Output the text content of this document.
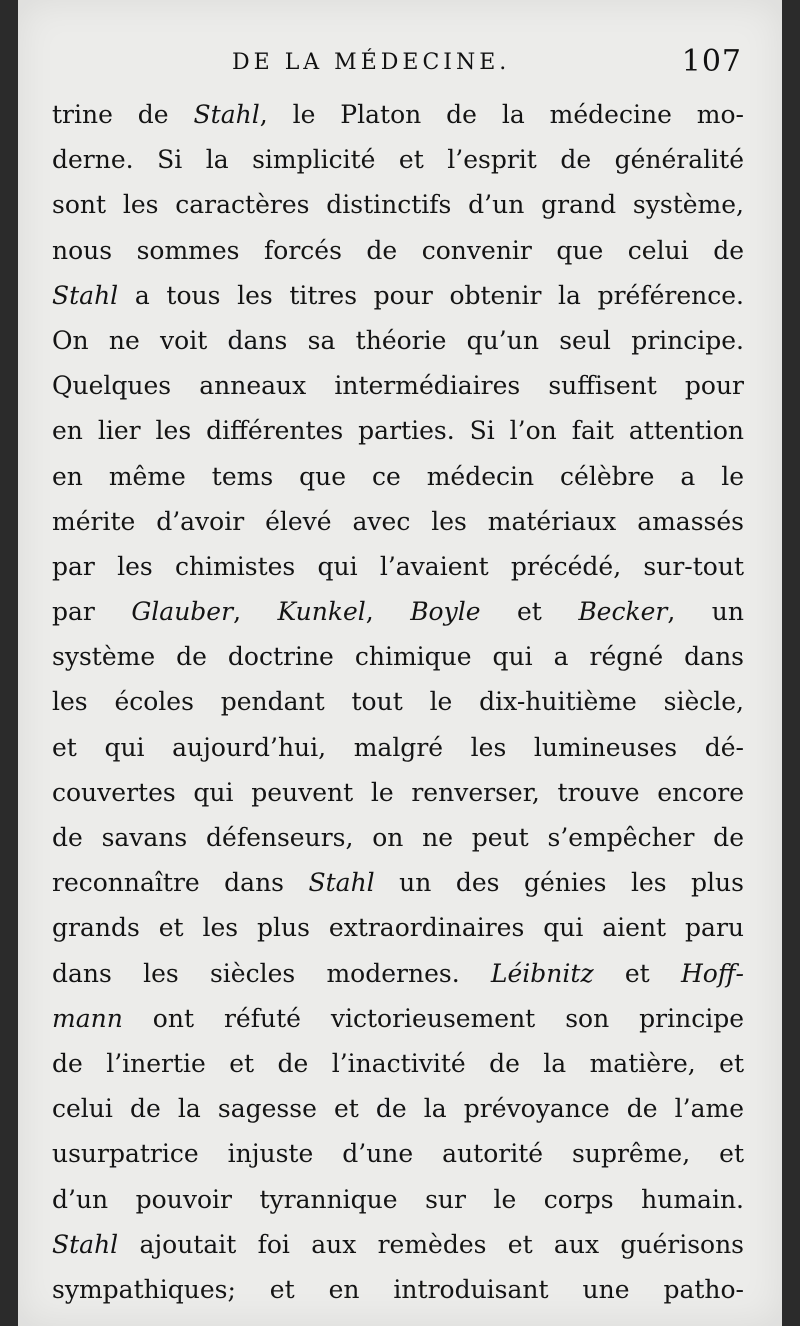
DE LA MÉDECINE.	107
trine de Stahl, le Platon de la médecine mo-
derne. Si la simplicité et l’esprit de généralité
sont les caractères distinctifs d’un grand système,
nous sommes forcés de convenir que celui de
Stahl a tous les titres pour obtenir la préférence.
On ne voit dans sa théorie qu’un seul principe.
Quelques anneaux intermédiaires suffisent pour
en lier les différentes parties. Si l’on fait attention
en même tems que ce médecin célèbre a le
mérite d’avoir élevé avec les matériaux amassés
par les chimistes qui l’avaient précédé, sur-tout
par Glauber, Kunkel, Boyle et Becker, un
système de doctrine chimique qui a régné dans
les écoles pendant tout le dix-huitième siècle,
et qui aujourd’hui, malgré les lumineuses dé-
couvertes qui peuvent le renverser, trouve encore
de savans défenseurs, on ne peut s’empêcher de
reconnaître dans Stahl un des génies les plus
grands et les plus extraordinaires qui aient paru
dans les siècles modernes. Léibnitz et Hoff-
mann ont réfuté victorieusement son principe
de l’inertie et de l’inactivité de la matière, et
celui de la sagesse et de la prévoyance de l’ame
usurpatrice injuste d’une autorité suprême, et
d’un pouvoir tyrannique sur le corps humain.
Stahl ajoutait foi aux remèdes et aux guérisons
sympathiques; et en introduisant une patho-
